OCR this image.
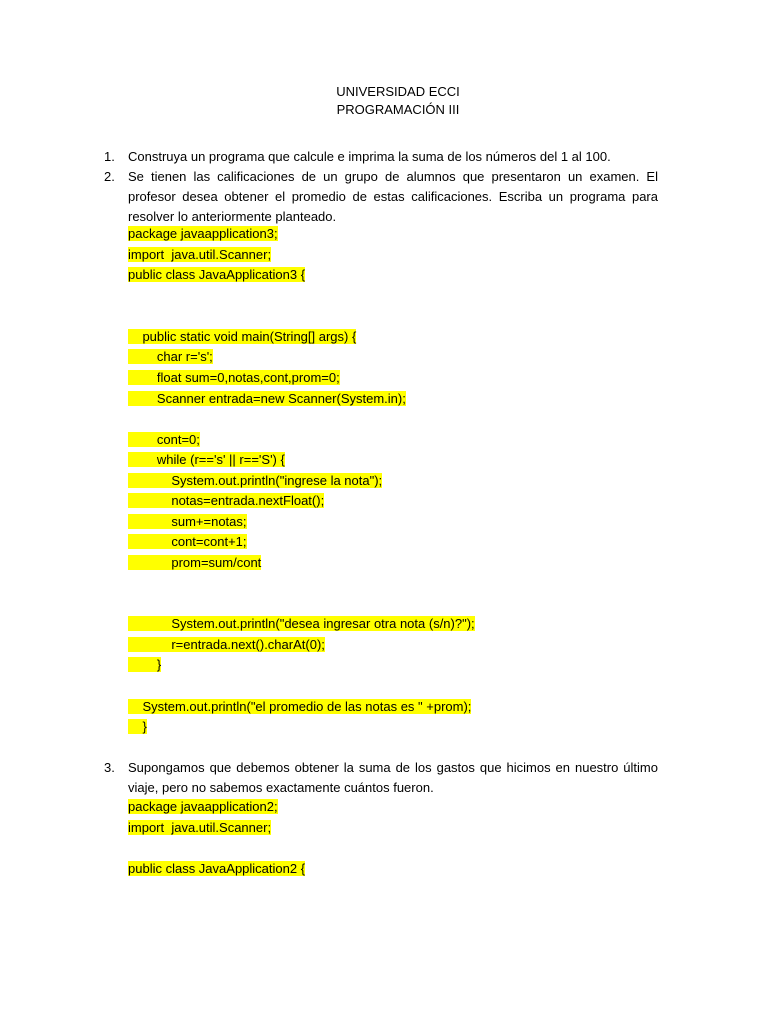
UNIVERSIDAD ECCI
PROGRAMACIÓN III
1. Construya un programa que calcule e imprima la suma de los números del 1 al 100.
2. Se tienen las calificaciones de un grupo de alumnos que presentaron un examen. El profesor desea obtener el promedio de estas calificaciones. Escriba un programa para resolver lo anteriormente planteado.
package javaapplication3;
import  java.util.Scanner;
public class JavaApplication3 {
public static void main(String[] args) {
char r='s';
float sum=0,notas,cont,prom=0;
Scanner entrada=new Scanner(System.in);
cont=0;
while (r=='s' || r=='S') {
System.out.println("ingrese la nota");
notas=entrada.nextFloat();
sum+=notas;
cont=cont+1;
prom=sum/cont
System.out.println("desea ingresar otra nota (s/n)?");
r=entrada.next().charAt(0);
}
System.out.println("el promedio de las notas es " +prom);
}
3. Supongamos que debemos obtener la suma de los gastos que hicimos en nuestro último viaje, pero no sabemos exactamente cuántos fueron.
package javaapplication2;
import  java.util.Scanner;
public class JavaApplication2 {
